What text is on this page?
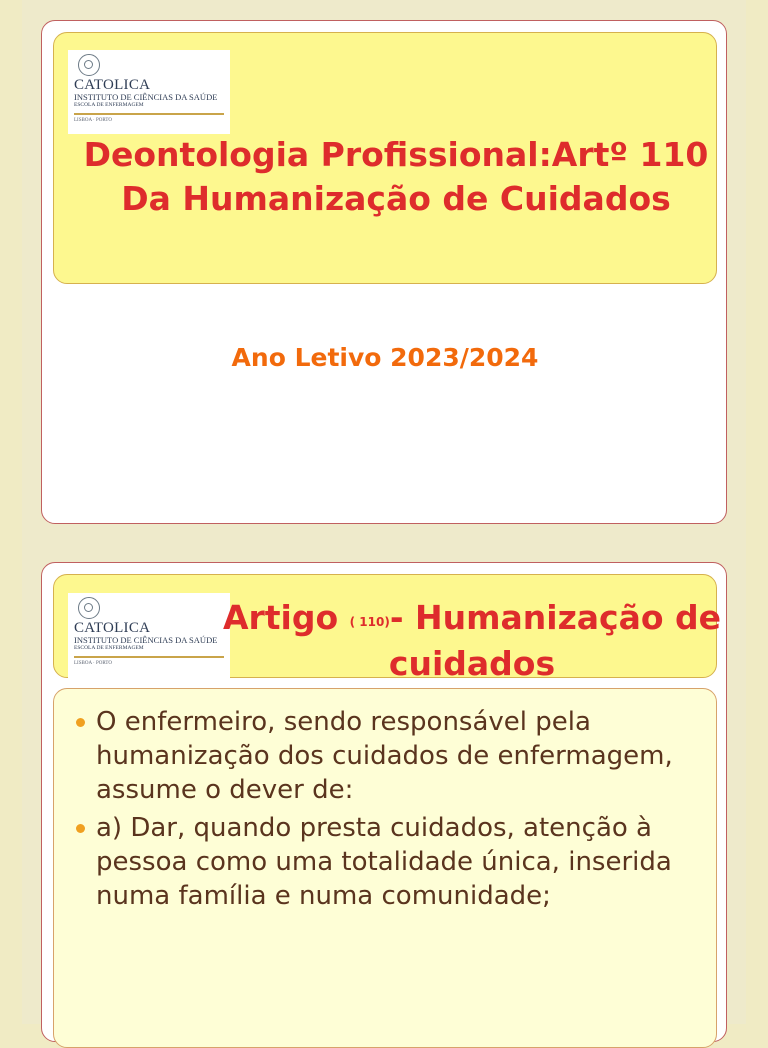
CATOLICA
INSTITUTO DE CIÊNCIAS DA SAÚDE
ESCOLA DE ENFERMAGEM
LISBOA · PORTO
Deontologia Profissional:Artº 110 Da Humanização de Cuidados
Ano Letivo 2023/2024
CATOLICA
INSTITUTO DE CIÊNCIAS DA SAÚDE
ESCOLA DE ENFERMAGEM
LISBOA · PORTO
Artigo ( 110)- Humanização de cuidados
O enfermeiro, sendo responsável pela humanização dos cuidados de enfermagem, assume o dever de:
a) Dar, quando presta cuidados, atenção à pessoa como uma totalidade única, inserida numa família e numa comunidade;
